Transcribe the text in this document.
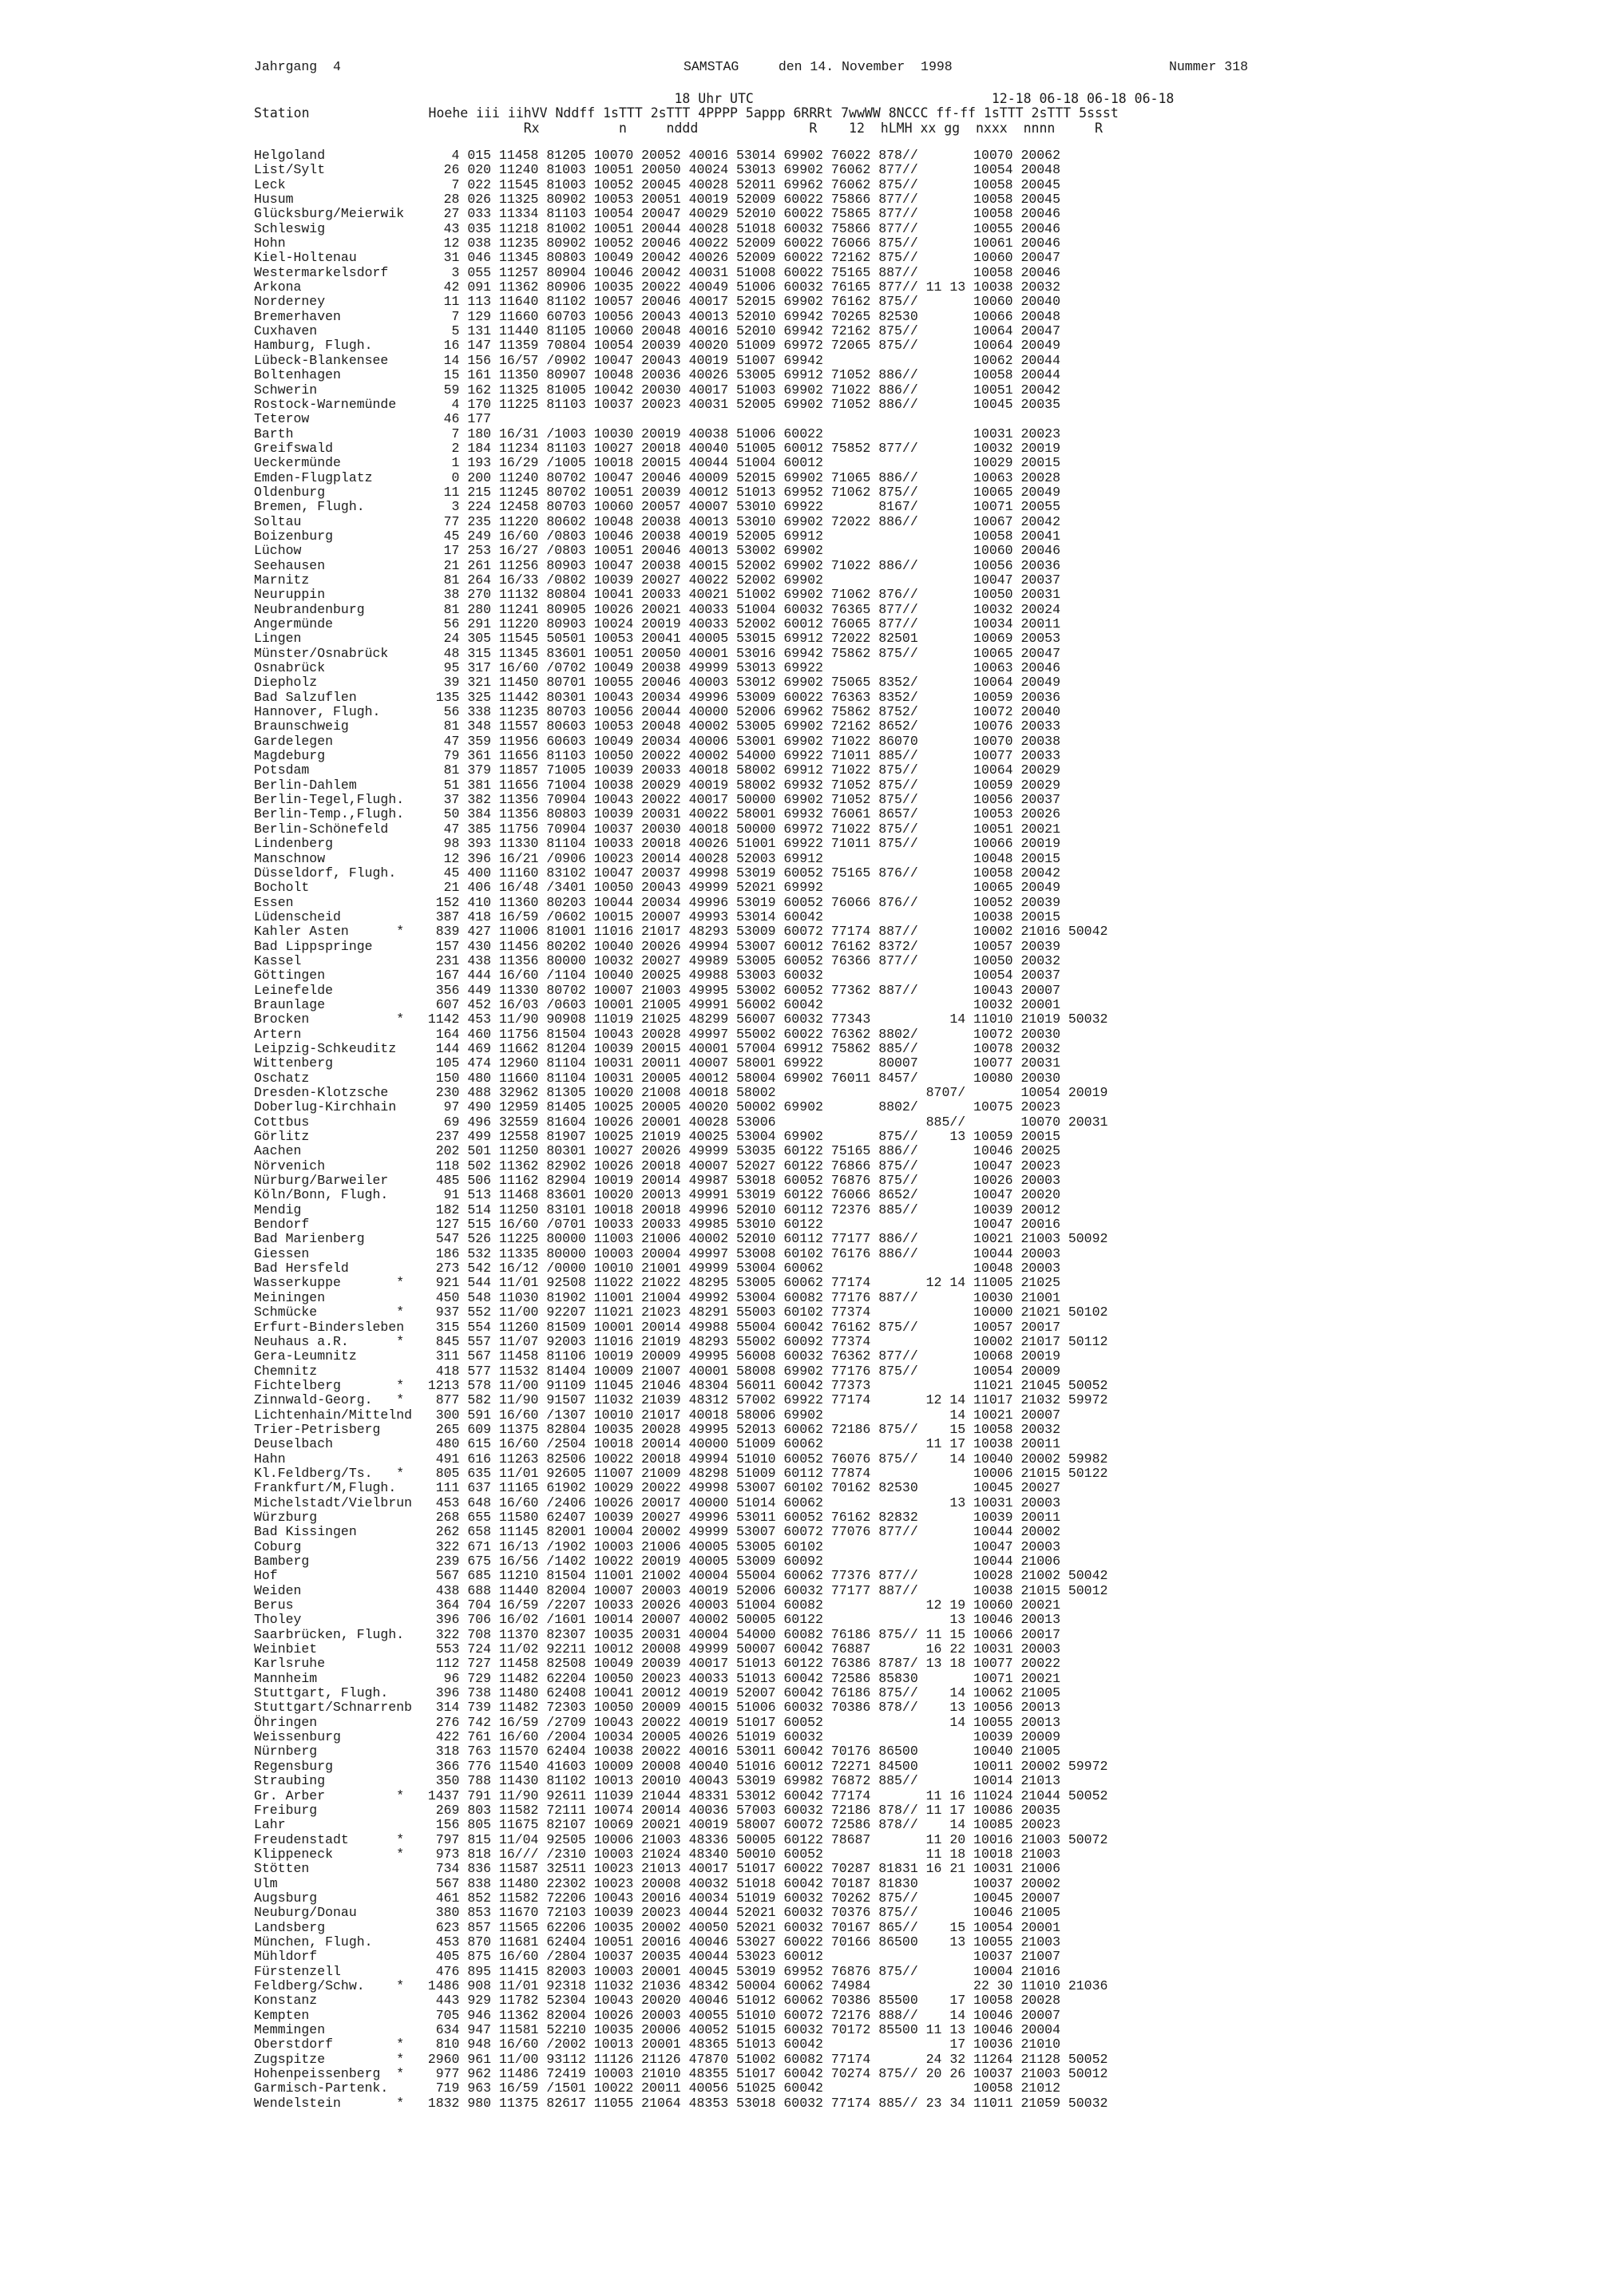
Jahrgang  4	SAMSTAG     den 14. November  1998	Nummer 318
18 Uhr UTC                              12-18 06-18 06-18 06-18
Station               Hoehe iii iihVV Nddff 1sTTT 2sTTT 4PPPP 5appp 6RRRt 7wwWW 8NCCC ff-ff 1sTTT 2sTTT 5ssst
Rx          n     nddd              R    12  hLMH xx gg  nxxx  nnnn     R
Helgoland                4 015 11458 81205 10070 20052 40016 53014 69902 76022 878//       10070 20062
List/Sylt               26 020 11240 81003 10051 20050 40024 53013 69902 76062 877//       10054 20048
Leck                     7 022 11545 81003 10052 20045 40028 52011 69962 76062 875//       10058 20045
Husum                   28 026 11325 80902 10053 20051 40019 52009 60022 75866 877//       10058 20045
Glücksburg/Meierwik     27 033 11334 81103 10054 20047 40029 52010 60022 75865 877//       10058 20046
Schleswig               43 035 11218 81002 10051 20044 40028 51018 60032 75866 877//       10055 20046
Hohn                    12 038 11235 80902 10052 20046 40022 52009 60022 76066 875//       10061 20046
Kiel-Holtenau           31 046 11345 80803 10049 20042 40026 52009 60022 72162 875//       10060 20047
Westermarkelsdorf        3 055 11257 80904 10046 20042 40031 51008 60022 75165 887//       10058 20046
Arkona                  42 091 11362 80906 10035 20022 40049 51006 60032 76165 877// 11 13 10038 20032
Norderney               11 113 11640 81102 10057 20046 40017 52015 69902 76162 875//       10060 20040
Bremerhaven              7 129 11660 60703 10056 20043 40013 52010 69942 70265 82530       10066 20048
Cuxhaven                 5 131 11440 81105 10060 20048 40016 52010 69942 72162 875//       10064 20047
Hamburg, Flugh.         16 147 11359 70804 10054 20039 40020 51009 69972 72065 875//       10064 20049
Lübeck-Blankensee       14 156 16/57 /0902 10047 20043 40019 51007 69942                   10062 20044
Boltenhagen             15 161 11350 80907 10048 20036 40026 53005 69912 71052 886//       10058 20044
Schwerin                59 162 11325 81005 10042 20030 40017 51003 69902 71022 886//       10051 20042
Rostock-Warnemünde       4 170 11225 81103 10037 20023 40031 52005 69902 71052 886//       10045 20035
Teterow                 46 177
Barth                    7 180 16/31 /1003 10030 20019 40038 51006 60022                   10031 20023
Greifswald               2 184 11234 81103 10027 20018 40040 51005 60012 75852 877//       10032 20019
Ueckermünde              1 193 16/29 /1005 10018 20015 40044 51004 60012                   10029 20015
Emden-Flugplatz          0 200 11240 80702 10047 20046 40009 52015 69902 71065 886//       10063 20028
Oldenburg               11 215 11245 80702 10051 20039 40012 51013 69952 71062 875//       10065 20049
Bremen, Flugh.           3 224 12458 80703 10060 20057 40007 53010 69922       8167/       10071 20055
Soltau                  77 235 11220 80602 10048 20038 40013 53010 69902 72022 886//       10067 20042
Boizenburg              45 249 16/60 /0803 10046 20038 40019 52005 69912                   10058 20041
Lüchow                  17 253 16/27 /0803 10051 20046 40013 53002 69902                   10060 20046
Seehausen               21 261 11256 80903 10047 20038 40015 52002 69902 71022 886//       10056 20036
Marnitz                 81 264 16/33 /0802 10039 20027 40022 52002 69902                   10047 20037
Neuruppin               38 270 11132 80804 10041 20033 40021 51002 69902 71062 876//       10050 20031
Neubrandenburg          81 280 11241 80905 10026 20021 40033 51004 60032 76365 877//       10032 20024
Angermünde              56 291 11220 80903 10024 20019 40033 52002 60012 76065 877//       10034 20011
Lingen                  24 305 11545 50501 10053 20041 40005 53015 69912 72022 82501       10069 20053
Münster/Osnabrück       48 315 11345 83601 10051 20050 40001 53016 69942 75862 875//       10065 20047
Osnabrück               95 317 16/60 /0702 10049 20038 49999 53013 69922                   10063 20046
Diepholz                39 321 11450 80701 10055 20046 40003 53012 69902 75065 8352/       10064 20049
Bad Salzuflen          135 325 11442 80301 10043 20034 49996 53009 60022 76363 8352/       10059 20036
Hannover, Flugh.        56 338 11235 80703 10056 20044 40000 52006 69962 75862 8752/       10072 20040
Braunschweig            81 348 11557 80603 10053 20048 40002 53005 69902 72162 8652/       10076 20033
Gardelegen              47 359 11956 60603 10049 20034 40006 53001 69902 71022 86070       10070 20038
Magdeburg               79 361 11656 81103 10050 20022 40002 54000 69922 71011 885//       10077 20033
Potsdam                 81 379 11857 71005 10039 20033 40018 58002 69912 71022 875//       10064 20029
Berlin-Dahlem           51 381 11656 71004 10038 20029 40019 58002 69932 71052 875//       10059 20029
Berlin-Tegel,Flugh.     37 382 11356 70904 10043 20022 40017 50000 69902 71052 875//       10056 20037
Berlin-Temp.,Flugh.     50 384 11356 80803 10039 20031 40022 58001 69932 76061 8657/       10053 20026
Berlin-Schönefeld       47 385 11756 70904 10037 20030 40018 50000 69972 71022 875//       10051 20021
Lindenberg              98 393 11330 81104 10033 20018 40026 51001 69922 71011 875//       10066 20019
Manschnow               12 396 16/21 /0906 10023 20014 40028 52003 69912                   10048 20015
Düsseldorf, Flugh.      45 400 11160 83102 10047 20037 49998 53019 60052 75165 876//       10058 20042
Bocholt                 21 406 16/48 /3401 10050 20043 49999 52021 69992                   10065 20049
Essen                  152 410 11360 80203 10044 20034 49996 53019 60052 76066 876//       10052 20039
Lüdenscheid            387 418 16/59 /0602 10015 20007 49993 53014 60042                   10038 20015
Kahler Asten      *    839 427 11006 81001 11016 21017 48293 53009 60072 77174 887//       10002 21016 50042
Bad Lippspringe        157 430 11456 80202 10040 20026 49994 53007 60012 76162 8372/       10057 20039
Kassel                 231 438 11356 80000 10032 20027 49989 53005 60052 76366 877//       10050 20032
Göttingen              167 444 16/60 /1104 10040 20025 49988 53003 60032                   10054 20037
Leinefelde             356 449 11330 80702 10007 21003 49995 53002 60052 77362 887//       10043 20007
Braunlage              607 452 16/03 /0603 10001 21005 49991 56002 60042                   10032 20001
Brocken           *   1142 453 11/90 90908 11019 21025 48299 56007 60032 77343          14 11010 21019 50032
Artern                 164 460 11756 81504 10043 20028 49997 55002 60022 76362 8802/       10072 20030
Leipzig-Schkeuditz     144 469 11662 81204 10039 20015 40001 57004 69912 75862 885//       10078 20032
Wittenberg             105 474 12960 81104 10031 20011 40007 58001 69922       80007       10077 20031
Oschatz                150 480 11660 81104 10031 20005 40012 58004 69902 76011 8457/       10080 20030
Dresden-Klotzsche      230 488 32962 81305 10020 21008 40018 58002                   8707/       10054 20019
Doberlug-Kirchhain      97 490 12959 81405 10025 20005 40020 50002 69902       8802/       10075 20023
Cottbus                 69 496 32559 81604 10026 20001 40028 53006                   885//       10070 20031
Görlitz                237 499 12558 81907 10025 21019 40025 53004 69902       875//    13 10059 20015
Aachen                 202 501 11250 80301 10027 20026 49999 53035 60122 75165 886//       10046 20025
Nörvenich              118 502 11362 82902 10026 20018 40007 52027 60122 76866 875//       10047 20023
Nürburg/Barweiler      485 506 11162 82904 10019 20014 49987 53018 60052 76876 875//       10026 20003
Köln/Bonn, Flugh.       91 513 11468 83601 10020 20013 49991 53019 60122 76066 8652/       10047 20020
Mendig                 182 514 11250 83101 10018 20018 49996 52010 60112 72376 885//       10039 20012
Bendorf                127 515 16/60 /0701 10033 20033 49985 53010 60122                   10047 20016
Bad Marienberg         547 526 11225 80000 11003 21006 40002 52010 60112 77177 886//       10021 21003 50092
Giessen                186 532 11335 80000 10003 20004 49997 53008 60102 76176 886//       10044 20003
Bad Hersfeld           273 542 16/12 /0000 10010 21001 49999 53004 60062                   10048 20003
Wasserkuppe       *    921 544 11/01 92508 11022 21022 48295 53005 60062 77174       12 14 11005 21025
Meiningen              450 548 11030 81902 11001 21004 49992 53004 60082 77176 887//       10030 21001
Schmücke          *    937 552 11/00 92207 11021 21023 48291 55003 60102 77374             10000 21021 50102
Erfurt-Bindersleben    315 554 11260 81509 10001 20014 49988 55004 60042 76162 875//       10057 20017
Neuhaus a.R.      *    845 557 11/07 92003 11016 21019 48293 55002 60092 77374             10002 21017 50112
Gera-Leumnitz          311 567 11458 81106 10019 20009 49995 56008 60032 76362 877//       10068 20019
Chemnitz               418 577 11532 81404 10009 21007 40001 58008 69902 77176 875//       10054 20009
Fichtelberg       *   1213 578 11/00 91109 11045 21046 48304 56011 60042 77373             11021 21045 50052
Zinnwald-Georg.   *    877 582 11/90 91507 11032 21039 48312 57002 69922 77174       12 14 11017 21032 59972
Lichtenhain/Mittelnd   300 591 16/60 /1307 10010 21017 40018 58006 69902                14 10021 20007
Trier-Petrisberg       265 609 11375 82804 10035 20028 49995 52013 60062 72186 875//    15 10058 20032
Deuselbach             480 615 16/60 /2504 10018 20014 40000 51009 60062             11 17 10038 20011
Hahn                   491 616 11263 82506 10022 20018 49994 51010 60052 76076 875//    14 10040 20002 59982
Kl.Feldberg/Ts.   *    805 635 11/01 92605 11007 21009 48298 51009 60112 77874             10006 21015 50122
Frankfurt/M,Flugh.     111 637 11165 61902 10029 20022 49998 53007 60102 70162 82530       10045 20027
Michelstadt/Vielbrun   453 648 16/60 /2406 10026 20017 40000 51014 60062                13 10031 20003
Würzburg               268 655 11580 62407 10039 20027 49996 53011 60052 76162 82832       10039 20011
Bad Kissingen          262 658 11145 82001 10004 20002 49999 53007 60072 77076 877//       10044 20002
Coburg                 322 671 16/13 /1902 10003 21006 40005 53005 60102                   10047 20003
Bamberg                239 675 16/56 /1402 10022 20019 40005 53009 60092                   10044 21006
Hof                    567 685 11210 81504 11001 21002 40004 55004 60062 77376 877//       10028 21002 50042
Weiden                 438 688 11440 82004 10007 20003 40019 52006 60032 77177 887//       10038 21015 50012
Berus                  364 704 16/59 /2207 10033 20026 40003 51004 60082             12 19 10060 20021
Tholey                 396 706 16/02 /1601 10014 20007 40002 50005 60122                13 10046 20013
Saarbrücken, Flugh.    322 708 11370 82307 10035 20031 40004 54000 60082 76186 875// 11 15 10066 20017
Weinbiet               553 724 11/02 92211 10012 20008 49999 50007 60042 76887       16 22 10031 20003
Karlsruhe              112 727 11458 82508 10049 20039 40017 51013 60122 76386 8787/ 13 18 10077 20022
Mannheim                96 729 11482 62204 10050 20023 40033 51013 60042 72586 85830       10071 20021
Stuttgart, Flugh.      396 738 11480 62408 10041 20012 40019 52007 60042 76186 875//    14 10062 21005
Stuttgart/Schnarrenb   314 739 11482 72303 10050 20009 40015 51006 60032 70386 878//    13 10056 20013
Öhringen               276 742 16/59 /2709 10043 20022 40019 51017 60052                14 10055 20013
Weissenburg            422 761 16/60 /2004 10034 20005 40026 51019 60032                   10039 20009
Nürnberg               318 763 11570 62404 10038 20022 40016 53011 60042 70176 86500       10040 21005
Regensburg             366 776 11540 41603 10009 20008 40040 51016 60012 72271 84500       10011 20002 59972
Straubing              350 788 11430 81102 10013 20010 40043 53019 69982 76872 885//       10014 21013
Gr. Arber         *   1437 791 11/90 92611 11039 21044 48331 53012 60042 77174       11 16 11024 21044 50052
Freiburg               269 803 11582 72111 10074 20014 40036 57003 60032 72186 878// 11 17 10086 20035
Lahr                   156 805 11675 82107 10069 20021 40019 58007 60072 72586 878//    14 10085 20023
Freudenstadt      *    797 815 11/04 92505 10006 21003 48336 50005 60122 78687       11 20 10016 21003 50072
Klippeneck        *    973 818 16/// /2310 10003 21024 48340 50010 60052             11 18 10018 21003
Stötten                734 836 11587 32511 10023 21013 40017 51017 60022 70287 81831 16 21 10031 21006
Ulm                    567 838 11480 22302 10023 20008 40032 51018 60042 70187 81830       10037 20002
Augsburg               461 852 11582 72206 10043 20016 40034 51019 60032 70262 875//       10045 20007
Neuburg/Donau          380 853 11670 72103 10039 20023 40044 52021 60032 70376 875//       10046 21005
Landsberg              623 857 11565 62206 10035 20002 40050 52021 60032 70167 865//    15 10054 20001
München, Flugh.        453 870 11681 62404 10051 20016 40046 53027 60022 70166 86500    13 10055 21003
Mühldorf               405 875 16/60 /2804 10037 20035 40044 53023 60012                   10037 21007
Fürstenzell            476 895 11415 82003 10003 20001 40045 53019 69952 76876 875//       10004 21016
Feldberg/Schw.    *   1486 908 11/01 92318 11032 21036 48342 50004 60062 74984             22 30 11010 21036
Konstanz               443 929 11782 52304 10043 20020 40046 51012 60062 70386 85500    17 10058 20028
Kempten                705 946 11362 82004 10026 20003 40055 51010 60072 72176 888//    14 10046 20007
Memmingen              634 947 11581 52210 10035 20006 40052 51015 60032 70172 85500 11 13 10046 20004
Oberstdorf        *    810 948 16/60 /2002 10013 20001 48365 51013 60042                17 10036 21010
Zugspitze         *   2960 961 11/00 93112 11126 21126 47870 51002 60082 77174       24 32 11264 21128 50052
Hohenpeissenberg  *    977 962 11486 72419 10003 21010 48355 51017 60042 70274 875// 20 26 10037 21003 50012
Garmisch-Partenk.      719 963 16/59 /1501 10022 20011 40056 51025 60042                   10058 21012
Wendelstein       *   1832 980 11375 82617 11055 21064 48353 53018 60032 77174 885// 23 34 11011 21059 50032
